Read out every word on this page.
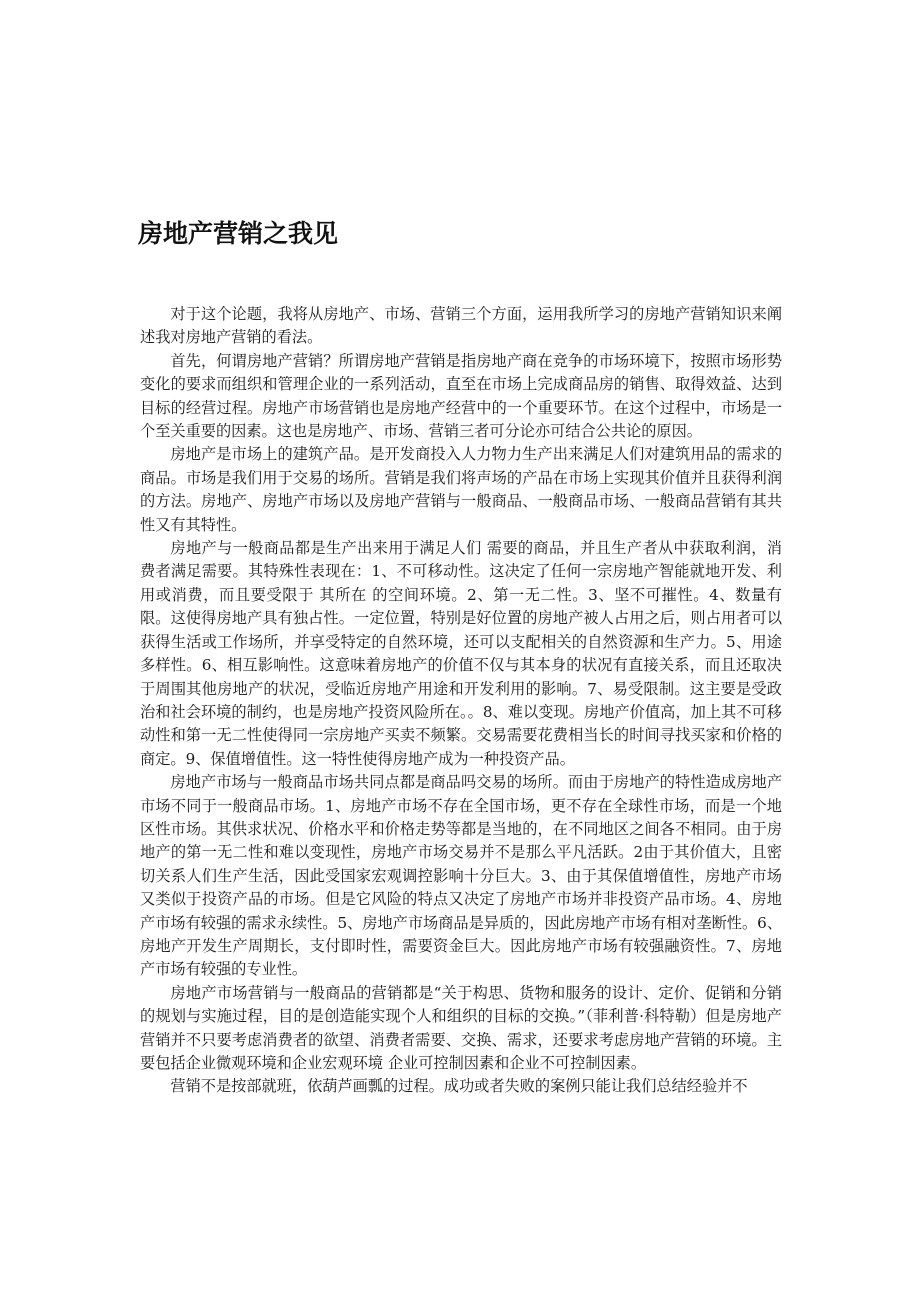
房地产营销之我见

对于这个论题，我将从房地产、市场、营销三个方面，运用我所学习的房地产营销知识来阐述我对房地产营销的看法。

首先，何谓房地产营销？所谓房地产营销是指房地产商在竞争的市场环境下，按照市场形势变化的要求而组织和管理企业的一系列活动，直至在市场上完成商品房的销售、取得效益、达到目标的经营过程。房地产市场营销也是房地产经营中的一个重要环节。在这个过程中，市场是一个至关重要的因素。这也是房地产、市场、营销三者可分论亦可结合公共论的原因。

房地产是市场上的建筑产品。是开发商投入人力物力生产出来满足人们对建筑用品的需求的商品。市场是我们用于交易的场所。营销是我们将声场的产品在市场上实现其价值并且获得利润的方法。房地产、房地产市场以及房地产营销与一般商品、一般商品市场、一般商品营销有其共性又有其特性。

房地产与一般商品都是生产出来用于满足人们 需要的商品，并且生产者从中获取利润，消费者满足需要。其特殊性表现在：1、不可移动性。这决定了任何一宗房地产智能就地开发、利用或消费，而且要受限于 其所在 的空间环境。2、第一无二性。3、坚不可摧性。4、数量有限。这使得房地产具有独占性。一定位置，特别是好位置的房地产被人占用之后，则占用者可以获得生活或工作场所，并享受特定的自然环境，还可以支配相关的自然资源和生产力。5、用途多样性。6、相互影响性。这意味着房地产的价值不仅与其本身的状况有直接关系，而且还取决于周围其他房地产的状况，受临近房地产用途和开发利用的影响。7、易受限制。这主要是受政治和社会环境的制约，也是房地产投资风险所在。。8、难以变现。房地产价值高，加上其不可移动性和第一无二性使得同一宗房地产买卖不频繁。交易需要花费相当长的时间寻找买家和价格的商定。9、保值增值性。这一特性使得房地产成为一种投资产品。

房地产市场与一般商品市场共同点都是商品吗交易的场所。而由于房地产的特性造成房地产市场不同于一般商品市场。1、房地产市场不存在全国市场，更不存在全球性市场，而是一个地区性市场。其供求状况、价格水平和价格走势等都是当地的，在不同地区之间各不相同。由于房地产的第一无二性和难以变现性，房地产市场交易并不是那么平凡活跃。2由于其价值大，且密切关系人们生产生活，因此受国家宏观调控影响十分巨大。3、由于其保值增值性，房地产市场又类似于投资产品的市场。但是它风险的特点又决定了房地产市场并非投资产品市场。4、房地产市场有较强的需求永续性。5、房地产市场商品是异质的，因此房地产市场有相对垄断性。6、房地产开发生产周期长，支付即时性，需要资金巨大。因此房地产市场有较强融资性。7、房地产市场有较强的专业性。

房地产市场营销与一般商品的营销都是“关于构思、货物和服务的设计、定价、促销和分销的规划与实施过程，目的是创造能实现个人和组织的目标的交换。”（菲利普·科特勒）但是房地产营销并不只要考虑消费者的欲望、消费者需要、交换、需求，还要求考虑房地产营销的环境。主要包括企业微观环境和企业宏观环境 企业可控制因素和企业不可控制因素。

营销不是按部就班，依葫芦画瓢的过程。成功或者失败的案例只能让我们总结经验并不
